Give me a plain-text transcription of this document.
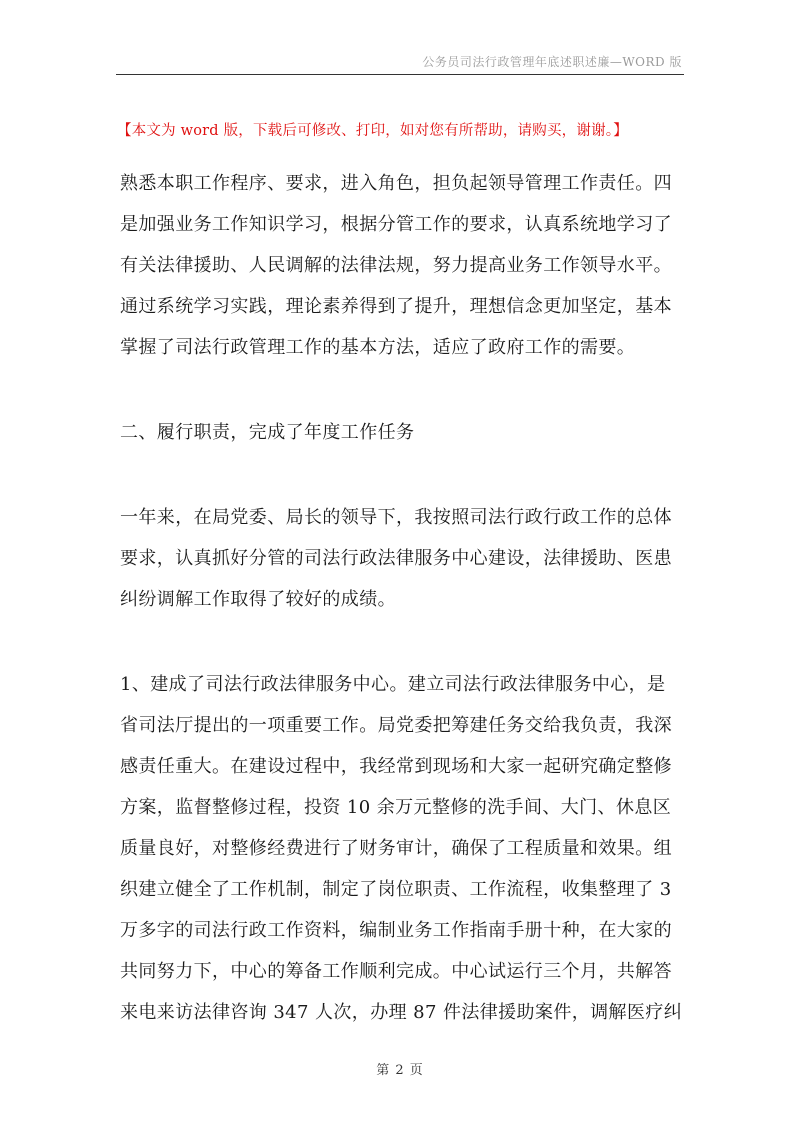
公务员司法行政管理年底述职述廉—WORD 版
【本文为 word 版，下载后可修改、打印，如对您有所帮助，请购买，谢谢。】
熟悉本职工作程序、要求，进入角色，担负起领导管理工作责任。四
是加强业务工作知识学习，根据分管工作的要求，认真系统地学习了
有关法律援助、人民调解的法律法规，努力提高业务工作领导水平。
通过系统学习实践，理论素养得到了提升，理想信念更加坚定，基本
掌握了司法行政管理工作的基本方法，适应了政府工作的需要。
二、履行职责，完成了年度工作任务
一年来，在局党委、局长的领导下，我按照司法行政行政工作的总体
要求，认真抓好分管的司法行政法律服务中心建设，法律援助、医患
纠纷调解工作取得了较好的成绩。
1、建成了司法行政法律服务中心。建立司法行政法律服务中心，是
省司法厅提出的一项重要工作。局党委把筹建任务交给我负责，我深
感责任重大。在建设过程中，我经常到现场和大家一起研究确定整修
方案，监督整修过程，投资 10 余万元整修的洗手间、大门、休息区
质量良好，对整修经费进行了财务审计，确保了工程质量和效果。组
织建立健全了工作机制，制定了岗位职责、工作流程，收集整理了 3
万多字的司法行政工作资料，编制业务工作指南手册十种，在大家的
共同努力下，中心的筹备工作顺利完成。中心试运行三个月，共解答
来电来访法律咨询 347 人次，办理 87 件法律援助案件，调解医疗纠
第 2 页
